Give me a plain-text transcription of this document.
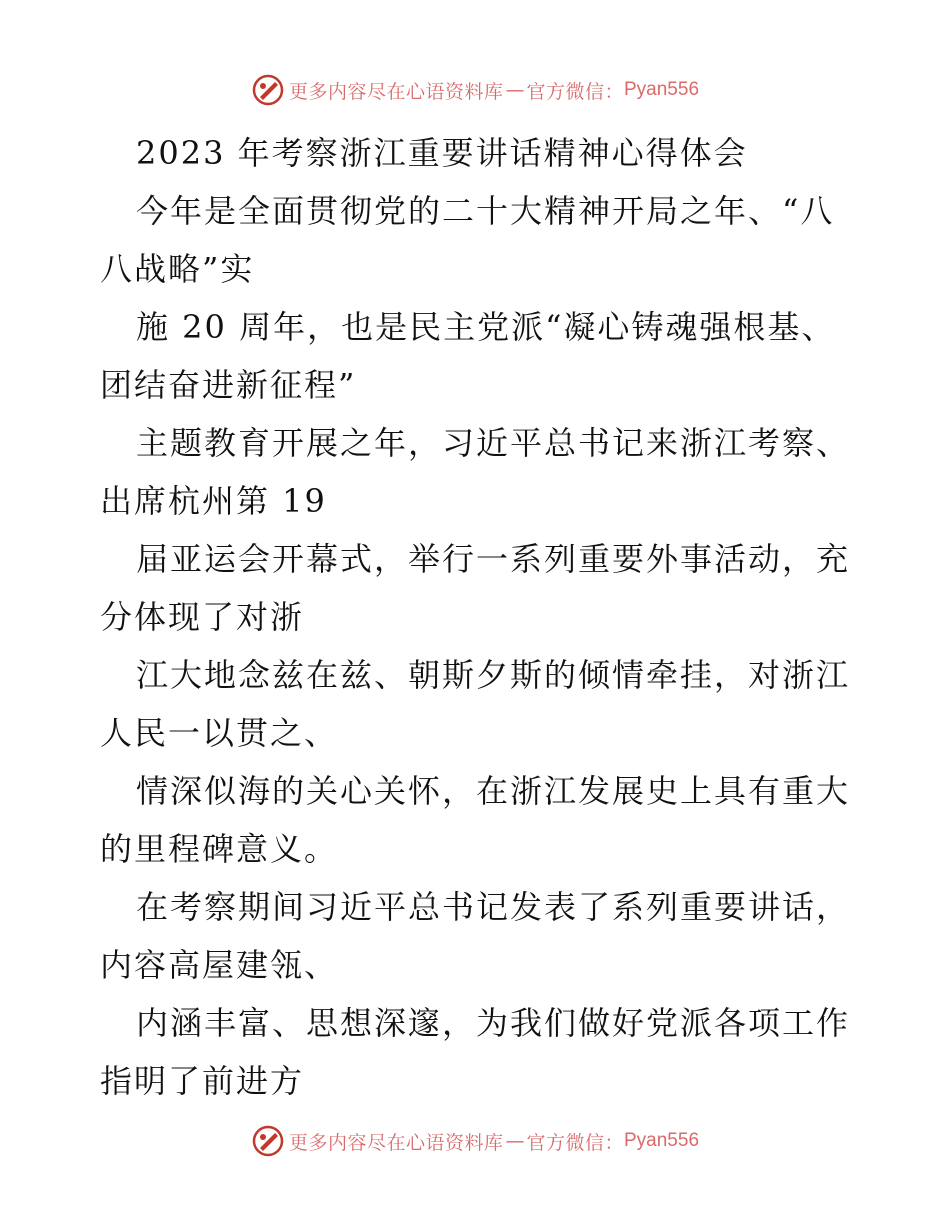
更多内容尽在心语资料库 — 官方微信： Pyan556
2023 年考察浙江重要讲话精神心得体会
今年是全面贯彻党的二十大精神开局之年、“八
八战略”实
施 20 周年，也是民主党派“凝心铸魂强根基、
团结奋进新征程”
主题教育开展之年，习近平总书记来浙江考察、
出席杭州第 19
届亚运会开幕式，举行一系列重要外事活动，充
分体现了对浙
江大地念兹在兹、朝斯夕斯的倾情牵挂，对浙江
人民一以贯之、
情深似海的关心关怀，在浙江发展史上具有重大
的里程碑意义。
在考察期间习近平总书记发表了系列重要讲话，
内容高屋建瓴、
内涵丰富、思想深邃，为我们做好党派各项工作
指明了前进方
更多内容尽在心语资料库 — 官方微信： Pyan556
